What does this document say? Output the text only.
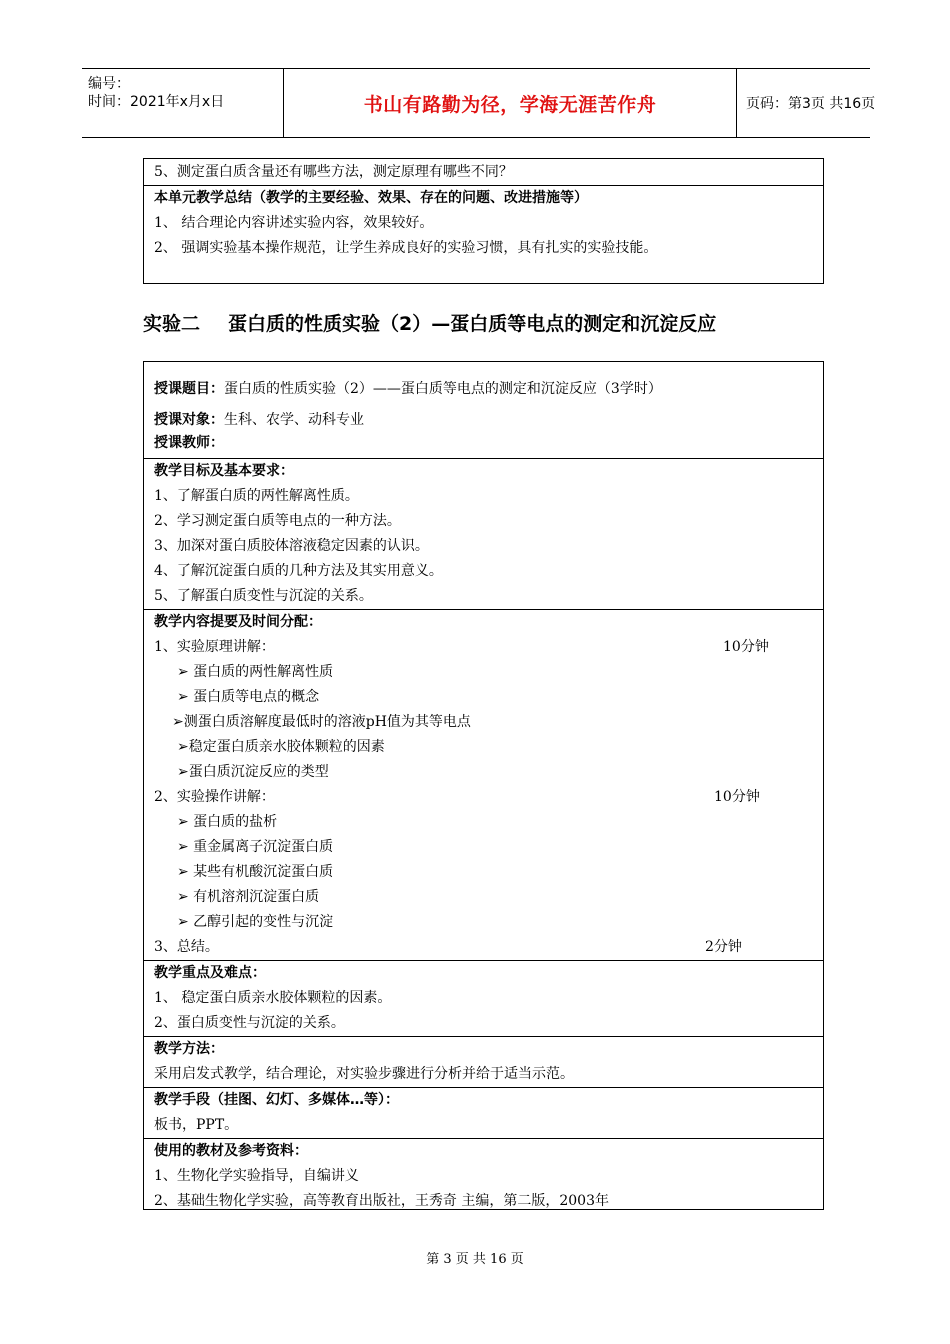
编号：
时间：2021年x月x日	书山有路勤为径，学海无涯苦作舟	页码：第3页 共16页
5、测定蛋白质含量还有哪些方法，测定原理有哪些不同？
本单元教学总结（教学的主要经验、效果、存在的问题、改进措施等）
1、 结合理论内容讲述实验内容，效果较好。
2、 强调实验基本操作规范，让学生养成良好的实验习惯，具有扎实的实验技能。
实验二 蛋白质的性质实验（2）—蛋白质等电点的测定和沉淀反应
授课题目：蛋白质的性质实验（2）——蛋白质等电点的测定和沉淀反应（3学时）
授课对象：生科、农学、动科专业
授课教师：
教学目标及基本要求：
1、了解蛋白质的两性解离性质。
2、学习测定蛋白质等电点的一种方法。
3、加深对蛋白质胶体溶液稳定因素的认识。
4、了解沉淀蛋白质的几种方法及其实用意义。
5、了解蛋白质变性与沉淀的关系。
教学内容提要及时间分配：
1、实验原理讲解：	10分钟
➢ 蛋白质的两性解离性质
➢ 蛋白质等电点的概念
➢测蛋白质溶解度最低时的溶液pH值为其等电点
➢稳定蛋白质亲水胶体颗粒的因素
➢蛋白质沉淀反应的类型
2、实验操作讲解：	10分钟
➢ 蛋白质的盐析
➢ 重金属离子沉淀蛋白质
➢ 某些有机酸沉淀蛋白质
➢ 有机溶剂沉淀蛋白质
➢ 乙醇引起的变性与沉淀
3、总结。	2分钟
教学重点及难点：
1、 稳定蛋白质亲水胶体颗粒的因素。
2、蛋白质变性与沉淀的关系。
教学方法：
采用启发式教学，结合理论，对实验步骤进行分析并给于适当示范。
教学手段（挂图、幻灯、多媒体…等）：
板书，PPT。
使用的教材及参考资料：
1、生物化学实验指导，自编讲义
2、基础生物化学实验，高等教育出版社，王秀奇 主编，第二版，2003年
第 3 页 共 16 页
